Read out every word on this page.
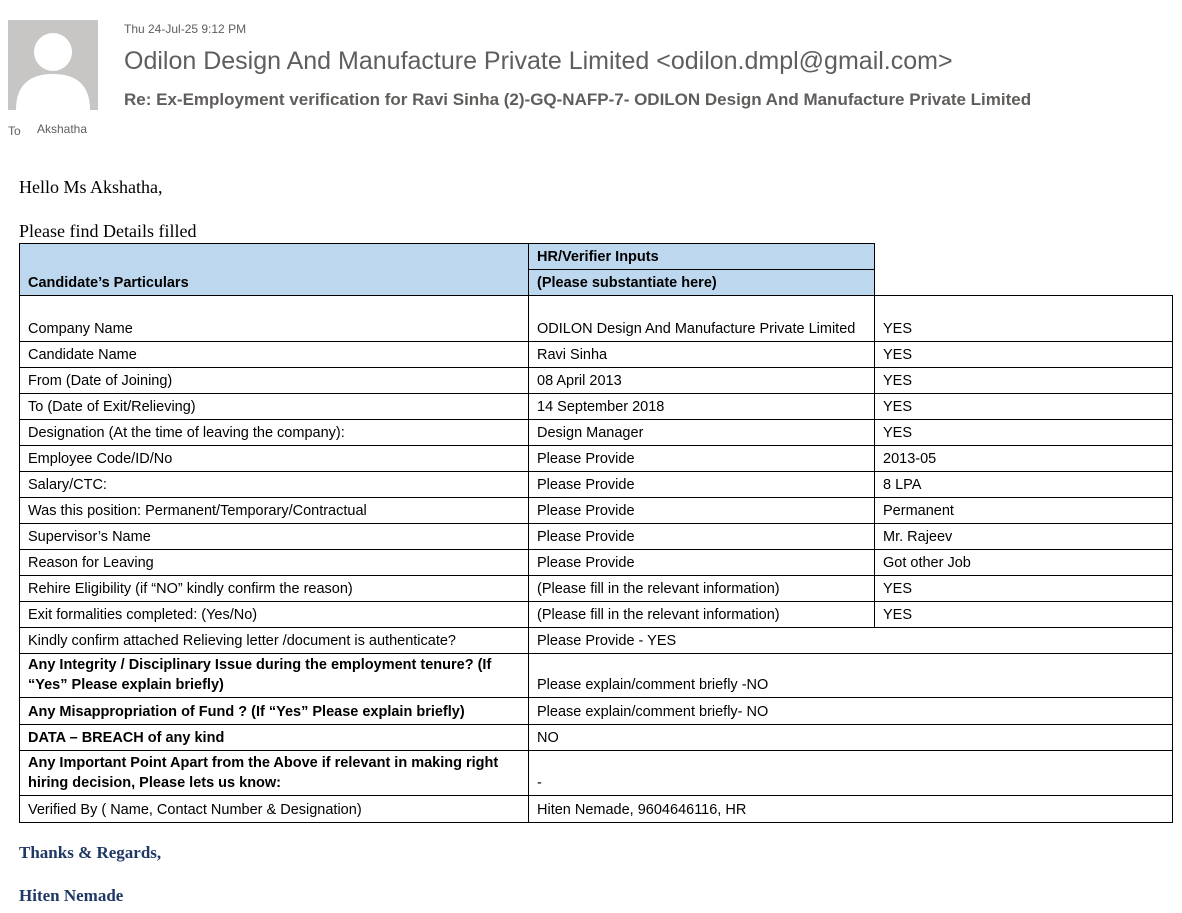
Thu 24-Jul-25 9:12 PM
Odilon Design And Manufacture Private Limited <odilon.dmpl@gmail.com>
Re: Ex-Employment verification for Ravi Sinha (2)-GQ-NAFP-7- ODILON Design And Manufacture Private Limited
To Akshatha
Hello Ms Akshatha,
Please find Details filled
Candidate’s Particulars
HR/Verifier Inputs
(Please substantiate here)
Company Name	ODILON Design And Manufacture Private Limited	YES
Candidate Name	Ravi Sinha	YES
From (Date of Joining)	08 April 2013	YES
To (Date of Exit/Relieving)	14 September 2018	YES
Designation (At the time of leaving the company):	Design Manager	YES
Employee Code/ID/No	Please Provide	2013-05
Salary/CTC:	Please Provide	8 LPA
Was this position: Permanent/Temporary/Contractual	Please Provide	Permanent
Supervisor’s Name	Please Provide	Mr. Rajeev
Reason for Leaving	Please Provide	Got other Job
Rehire Eligibility (if “NO” kindly confirm the reason)	(Please fill in the relevant information)	YES
Exit formalities completed: (Yes/No)	(Please fill in the relevant information)	YES
Kindly confirm attached Relieving letter /document is authenticate?	Please Provide - YES
Any Integrity / Disciplinary Issue during the employment tenure? (If “Yes” Please explain briefly)	Please explain/comment briefly -NO
Any Misappropriation of Fund ? (If “Yes” Please explain briefly)	Please explain/comment briefly- NO
DATA – BREACH of any kind	NO
Any Important Point Apart from the Above if relevant in making right hiring decision, Please lets us know:	-
Verified By ( Name, Contact Number & Designation)	Hiten Nemade, 9604646116, HR
Thanks & Regards,
Hiten Nemade
